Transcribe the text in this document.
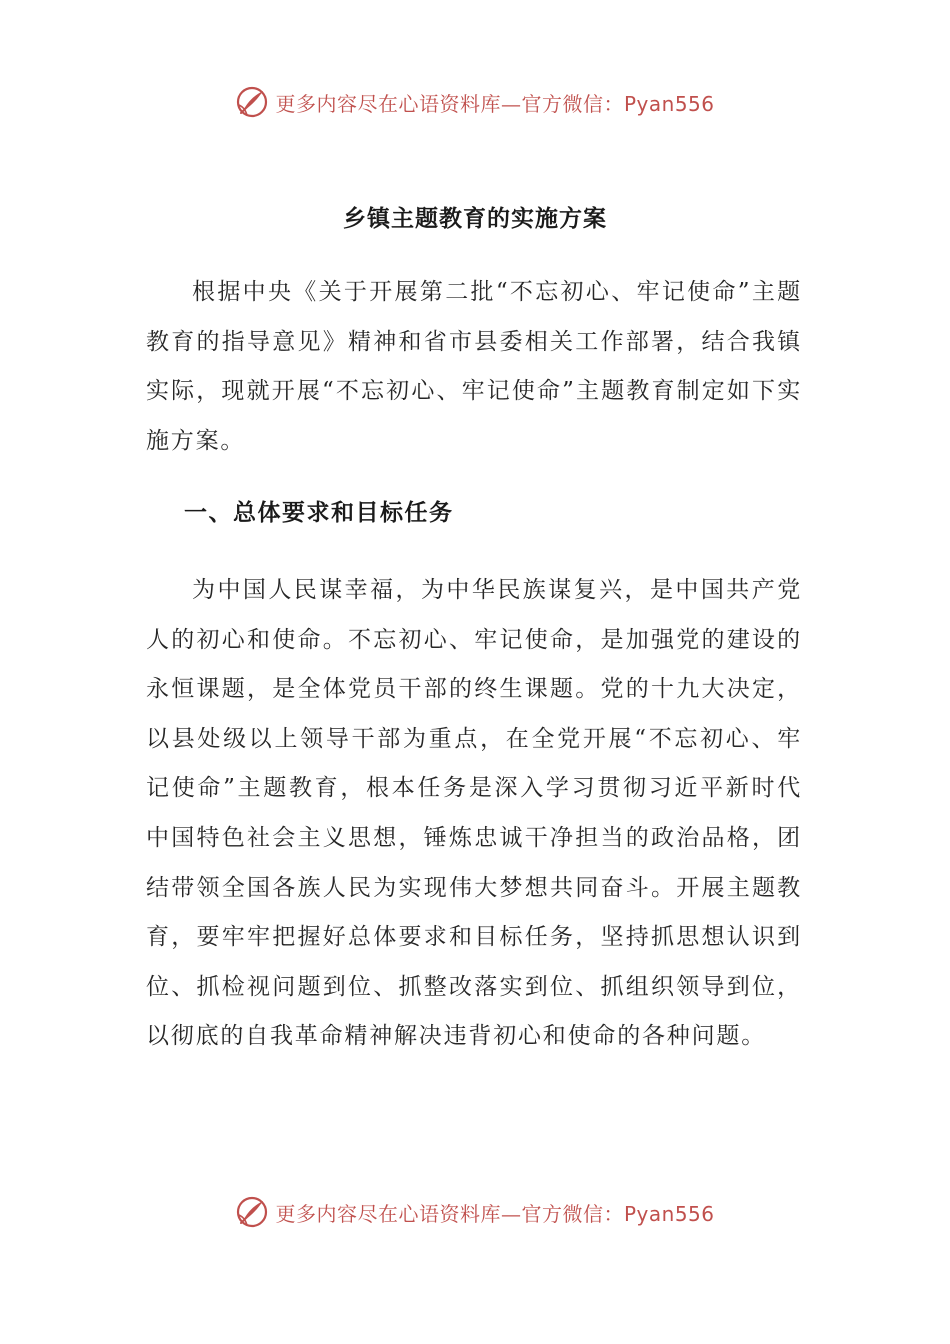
更多内容尽在心语资料库—官方微信：Pyan556
乡镇主题教育的实施方案

根据中央《关于开展第二批“不忘初心、牢记使命”主题教育的指导意见》精神和省市县委相关工作部署，结合我镇实际，现就开展“不忘初心、牢记使命”主题教育制定如下实施方案。

一、总体要求和目标任务

为中国人民谋幸福，为中华民族谋复兴，是中国共产党人的初心和使命。不忘初心、牢记使命，是加强党的建设的永恒课题，是全体党员干部的终生课题。党的十九大决定，以县处级以上领导干部为重点，在全党开展“不忘初心、牢记使命”主题教育，根本任务是深入学习贯彻习近平新时代中国特色社会主义思想，锤炼忠诚干净担当的政治品格，团结带领全国各族人民为实现伟大梦想共同奋斗。开展主题教育，要牢牢把握好总体要求和目标任务，坚持抓思想认识到位、抓检视问题到位、抓整改落实到位、抓组织领导到位，以彻底的自我革命精神解决违背初心和使命的各种问题。

更多内容尽在心语资料库—官方微信：Pyan556
